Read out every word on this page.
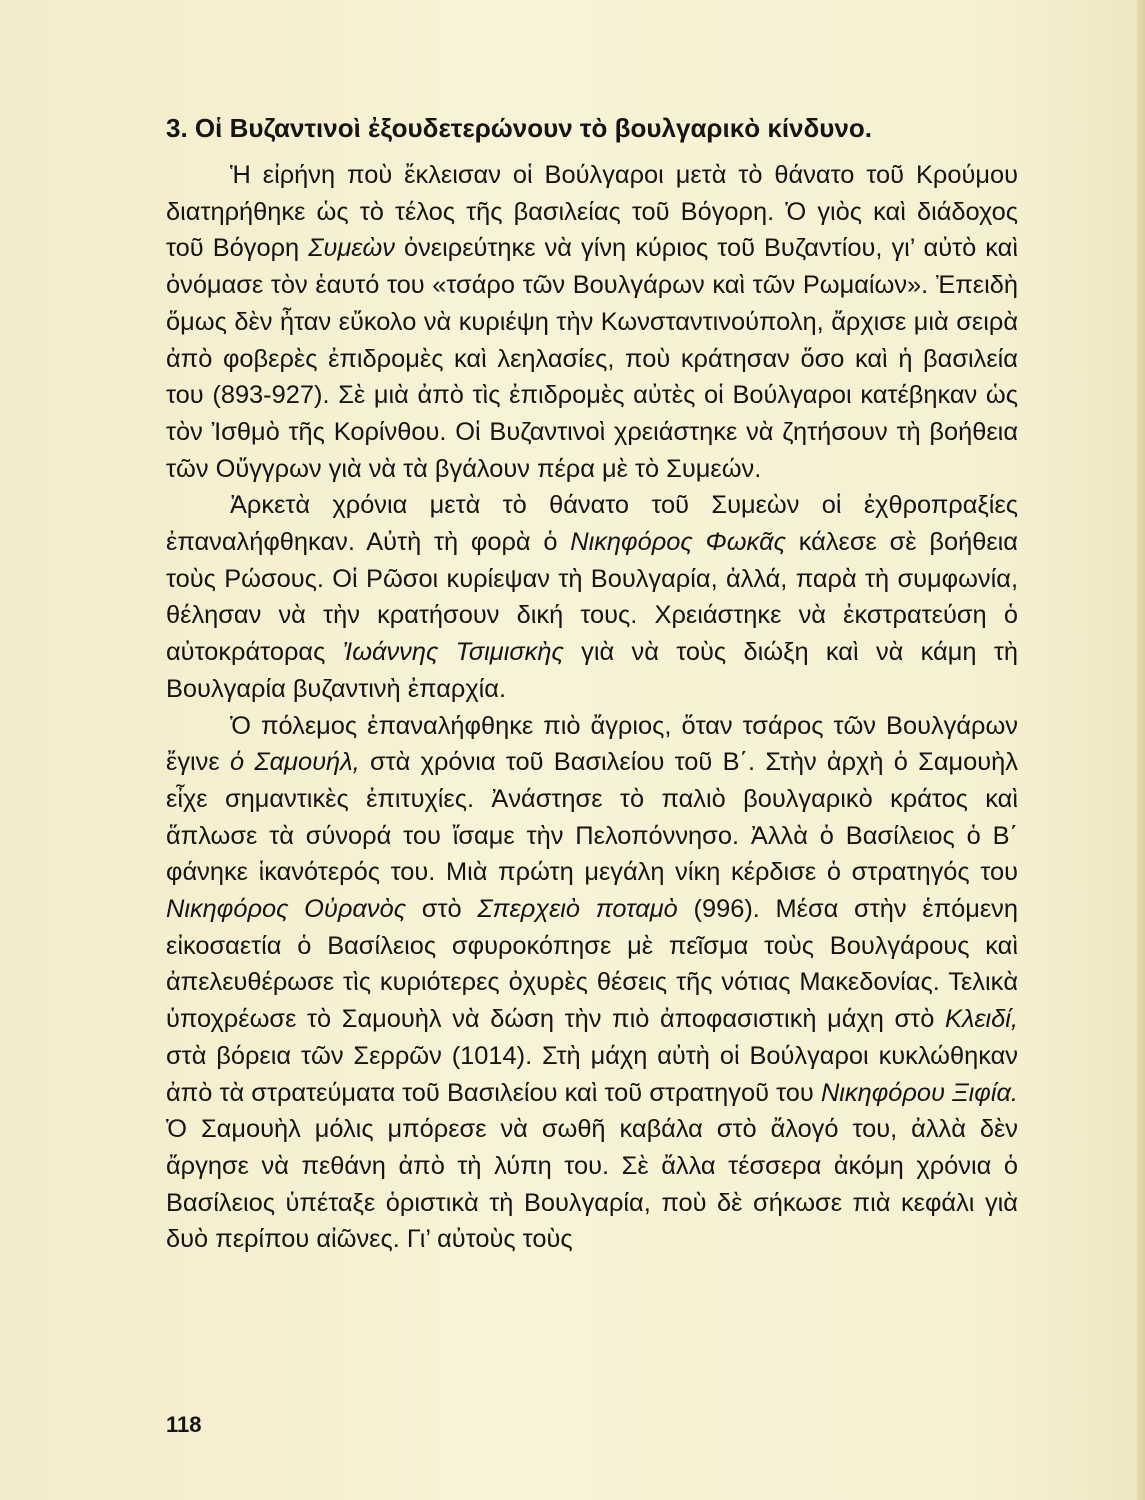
3. Οἱ Βυζαντινοὶ ἐξουδετερώνουν τὸ βουλγαρικὸ κίνδυνο.

Ἡ εἰρήνη ποὺ ἔκλεισαν οἱ Βούλγαροι μετὰ τὸ θάνατο τοῦ Κρούμου διατηρήθηκε ὡς τὸ τέλος τῆς βασιλείας τοῦ Βόγορη. Ὁ γιὸς καὶ διάδοχος τοῦ Βόγορη Συμεὼν ὀνειρεύτηκε νὰ γίνη κύριος τοῦ Βυζαντίου, γι’ αὐτὸ καὶ ὀνόμασε τὸν ἑαυτό του «τσάρο τῶν Βουλγάρων καὶ τῶν Ρωμαίων». Ἐπειδὴ ὅμως δὲν ἦταν εὔκολο νὰ κυριέψη τὴν Κωνσταντινούπολη, ἄρχισε μιὰ σειρὰ ἀπὸ φοβερὲς ἐπιδρομὲς καὶ λεηλασίες, ποὺ κράτησαν ὅσο καὶ ἡ βασιλεία του (893-927). Σὲ μιὰ ἀπὸ τὶς ἐπιδρομὲς αὐτὲς οἱ Βούλγαροι κατέβηκαν ὡς τὸν Ἰσθμὸ τῆς Κορίνθου. Οἱ Βυζαντινοὶ χρειάστηκε νὰ ζητήσουν τὴ βοήθεια τῶν Οὔγγρων γιὰ νὰ τὰ βγάλουν πέρα μὲ τὸ Συμεών.

Ἀρκετὰ χρόνια μετὰ τὸ θάνατο τοῦ Συμεὼν οἱ ἐχθροπραξίες ἐπαναλήφθηκαν. Αὐτὴ τὴ φορὰ ὁ Νικηφόρος Φωκᾶς κάλεσε σὲ βοήθεια τοὺς Ρώσους. Οἱ Ρῶσοι κυρίεψαν τὴ Βουλγαρία, ἀλλά, παρὰ τὴ συμφωνία, θέλησαν νὰ τὴν κρατήσουν δική τους. Χρειάστηκε νὰ ἐκστρατεύση ὁ αὐτοκράτορας Ἰωάννης Τσιμισκὴς γιὰ νὰ τοὺς διώξη καὶ νὰ κάμη τὴ Βουλγαρία βυζαντινὴ ἐπαρχία.

Ὁ πόλεμος ἐπαναλήφθηκε πιὸ ἄγριος, ὅταν τσάρος τῶν Βουλγάρων ἔγινε ὁ Σαμουήλ, στὰ χρόνια τοῦ Βασιλείου τοῦ Β΄. Στὴν ἀρχὴ ὁ Σαμουὴλ εἶχε σημαντικὲς ἐπιτυχίες. Ἀνάστησε τὸ παλιὸ βουλγαρικὸ κράτος καὶ ἅπλωσε τὰ σύνορά του ἴσαμε τὴν Πελοπόννησο. Ἀλλὰ ὁ Βασίλειος ὁ Β΄ φάνηκε ἱκανότερός του. Μιὰ πρώτη μεγάλη νίκη κέρδισε ὁ στρατηγός του Νικηφόρος Οὐρανὸς στὸ Σπερχειὸ ποταμὸ (996). Μέσα στὴν ἑπόμενη εἰκοσαετία ὁ Βασίλειος σφυροκόπησε μὲ πεῖσμα τοὺς Βουλγάρους καὶ ἀπελευθέρωσε τὶς κυριότερες ὀχυρὲς θέσεις τῆς νότιας Μακεδονίας. Τελικὰ ὑποχρέωσε τὸ Σαμουὴλ νὰ δώση τὴν πιὸ ἀποφασιστικὴ μάχη στὸ Κλειδί, στὰ βόρεια τῶν Σερρῶν (1014). Στὴ μάχη αὐτὴ οἱ Βούλγαροι κυκλώθηκαν ἀπὸ τὰ στρατεύματα τοῦ Βασιλείου καὶ τοῦ στρατηγοῦ του Νικηφόρου Ξιφία. Ὁ Σαμουὴλ μόλις μπόρεσε νὰ σωθῆ καβάλα στὸ ἄλογό του, ἀλλὰ δὲν ἄργησε νὰ πεθάνη ἀπὸ τὴ λύπη του. Σὲ ἄλλα τέσσερα ἀκόμη χρόνια ὁ Βασίλειος ὑπέταξε ὁριστικὰ τὴ Βουλγαρία, ποὺ δὲ σήκωσε πιὰ κεφάλι γιὰ δυὸ περίπου αἰῶνες. Γι’ αὐτοὺς τοὺς

118
